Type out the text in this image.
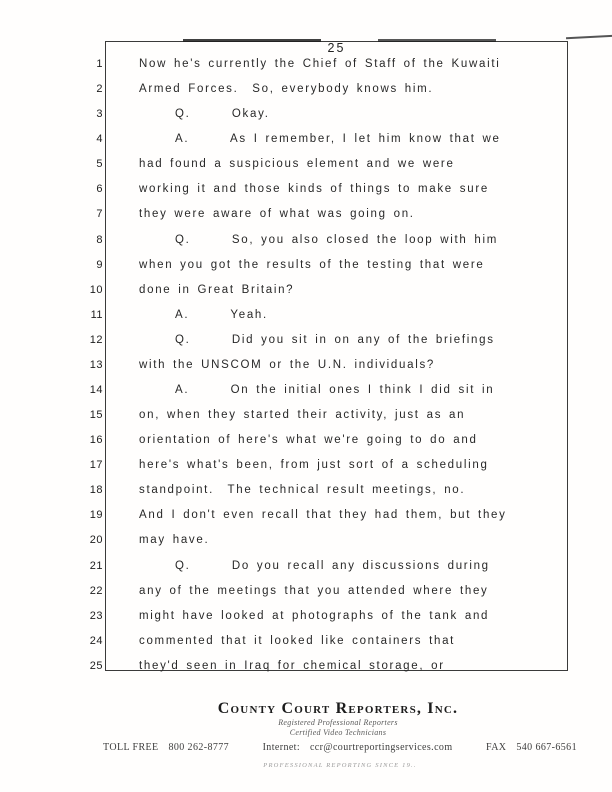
25
1	Now he's currently the Chief of Staff of the Kuwaiti
2	Armed Forces.  So, everybody knows him.
3	Q.      Okay.
4	A.      As I remember, I let him know that we
5	had found a suspicious element and we were
6	working it and those kinds of things to make sure
7	they were aware of what was going on.
8	Q.      So, you also closed the loop with him
9	when you got the results of the testing that were
10	done in Great Britain?
11	A.      Yeah.
12	Q.      Did you sit in on any of the briefings
13	with the UNSCOM or the U.N. individuals?
14	A.      On the initial ones I think I did sit in
15	on, when they started their activity, just as an
16	orientation of here's what we're going to do and
17	here's what's been, from just sort of a scheduling
18	standpoint.  The technical result meetings, no.
19	And I don't even recall that they had them, but they
20	may have.
21	Q.      Do you recall any discussions during
22	any of the meetings that you attended where they
23	might have looked at photographs of the tank and
24	commented that it looked like containers that
25	they'd seen in Iraq for chemical storage, or
County Court Reporters, Inc.
Registered Professional Reporters
Certified Video Technicians
TOLL FREE 800 262-8777	Internet: ccr@courtreportingservices.com	FAX 540 667-6561
PROFESSIONAL REPORTING SINCE 19..
